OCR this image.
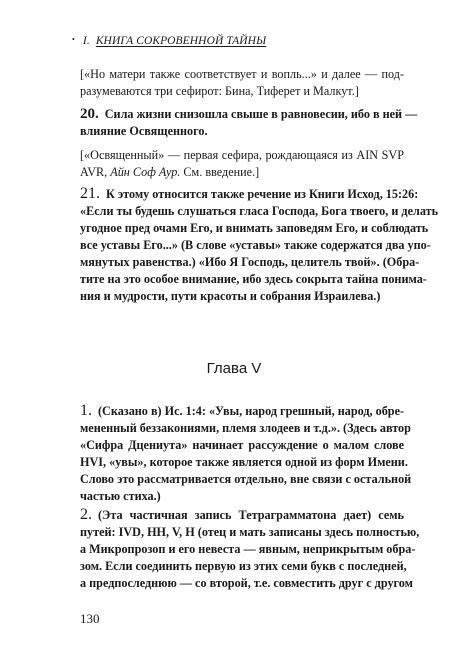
• I. КНИГА СОКРОВЕННОЙ ТАЙНЫ
[«Но матери также соответствует и вопль...» и далее — под-
разумеваются три сефирот: Бина, Тиферет и Малкут.]
20. Сила жизни снизошла свыше в равновесии, ибо в ней —
влияние Освященного.
[«Освященный» — первая сефира, рождающаяся из AIN SVP
AVR, Айн Соф Аур. См. введение.]
21. К этому относится также речение из Книги Исход, 15:26:
«Если ты будешь слушаться гласа Господа, Бога твоего, и делать
угодное пред очами Его, и внимать заповедям Его, и соблюдать
все уставы Его...» (В слове «уставы» также содержатся два упо-
мянутых равенства.) «Ибо Я Господь, целитель твой». (Обра-
тите на это особое внимание, ибо здесь сокрыта тайна понима-
ния и мудрости, пути красоты и собрания Израилева.)
Глава V
1. (Сказано в) Ис. 1:4: «Увы, народ грешный, народ, обре-
мененный беззакониями, племя злодеев и т.д.». (Здесь автор
«Сифра Дцениута» начинает рассуждение о малом слове
HVI, «увы», которое также является одной из форм Имени.
Слово это рассматривается отдельно, вне связи с остальной
частью стиха.)
2. (Эта частичная запись Тетраграмматона дает) семь
путей: IVD, HH, V, H (отец и мать записаны здесь полностью,
а Микропрозоп и его невеста — явным, неприкрытым обра-
зом. Если соединить первую из этих семи букв с последней,
а предпоследнюю — со второй, т.е. совместить друг с другом
130
